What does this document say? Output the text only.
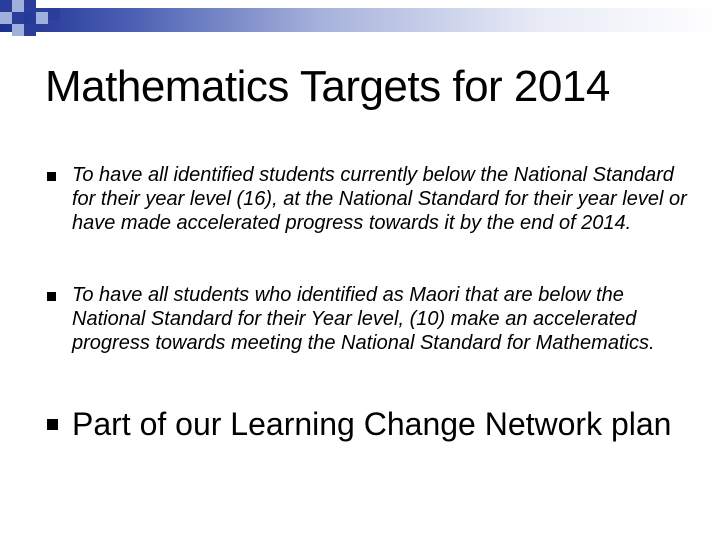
Mathematics Targets for 2014
To have all identified students currently below the National Standard for their year level (16), at the National Standard for their year level or have made accelerated progress towards it by the end of 2014.
To have all students who identified as Maori that are below the National Standard for their Year level, (10) make an accelerated progress towards meeting the National Standard for Mathematics.
Part of our Learning Change Network plan
